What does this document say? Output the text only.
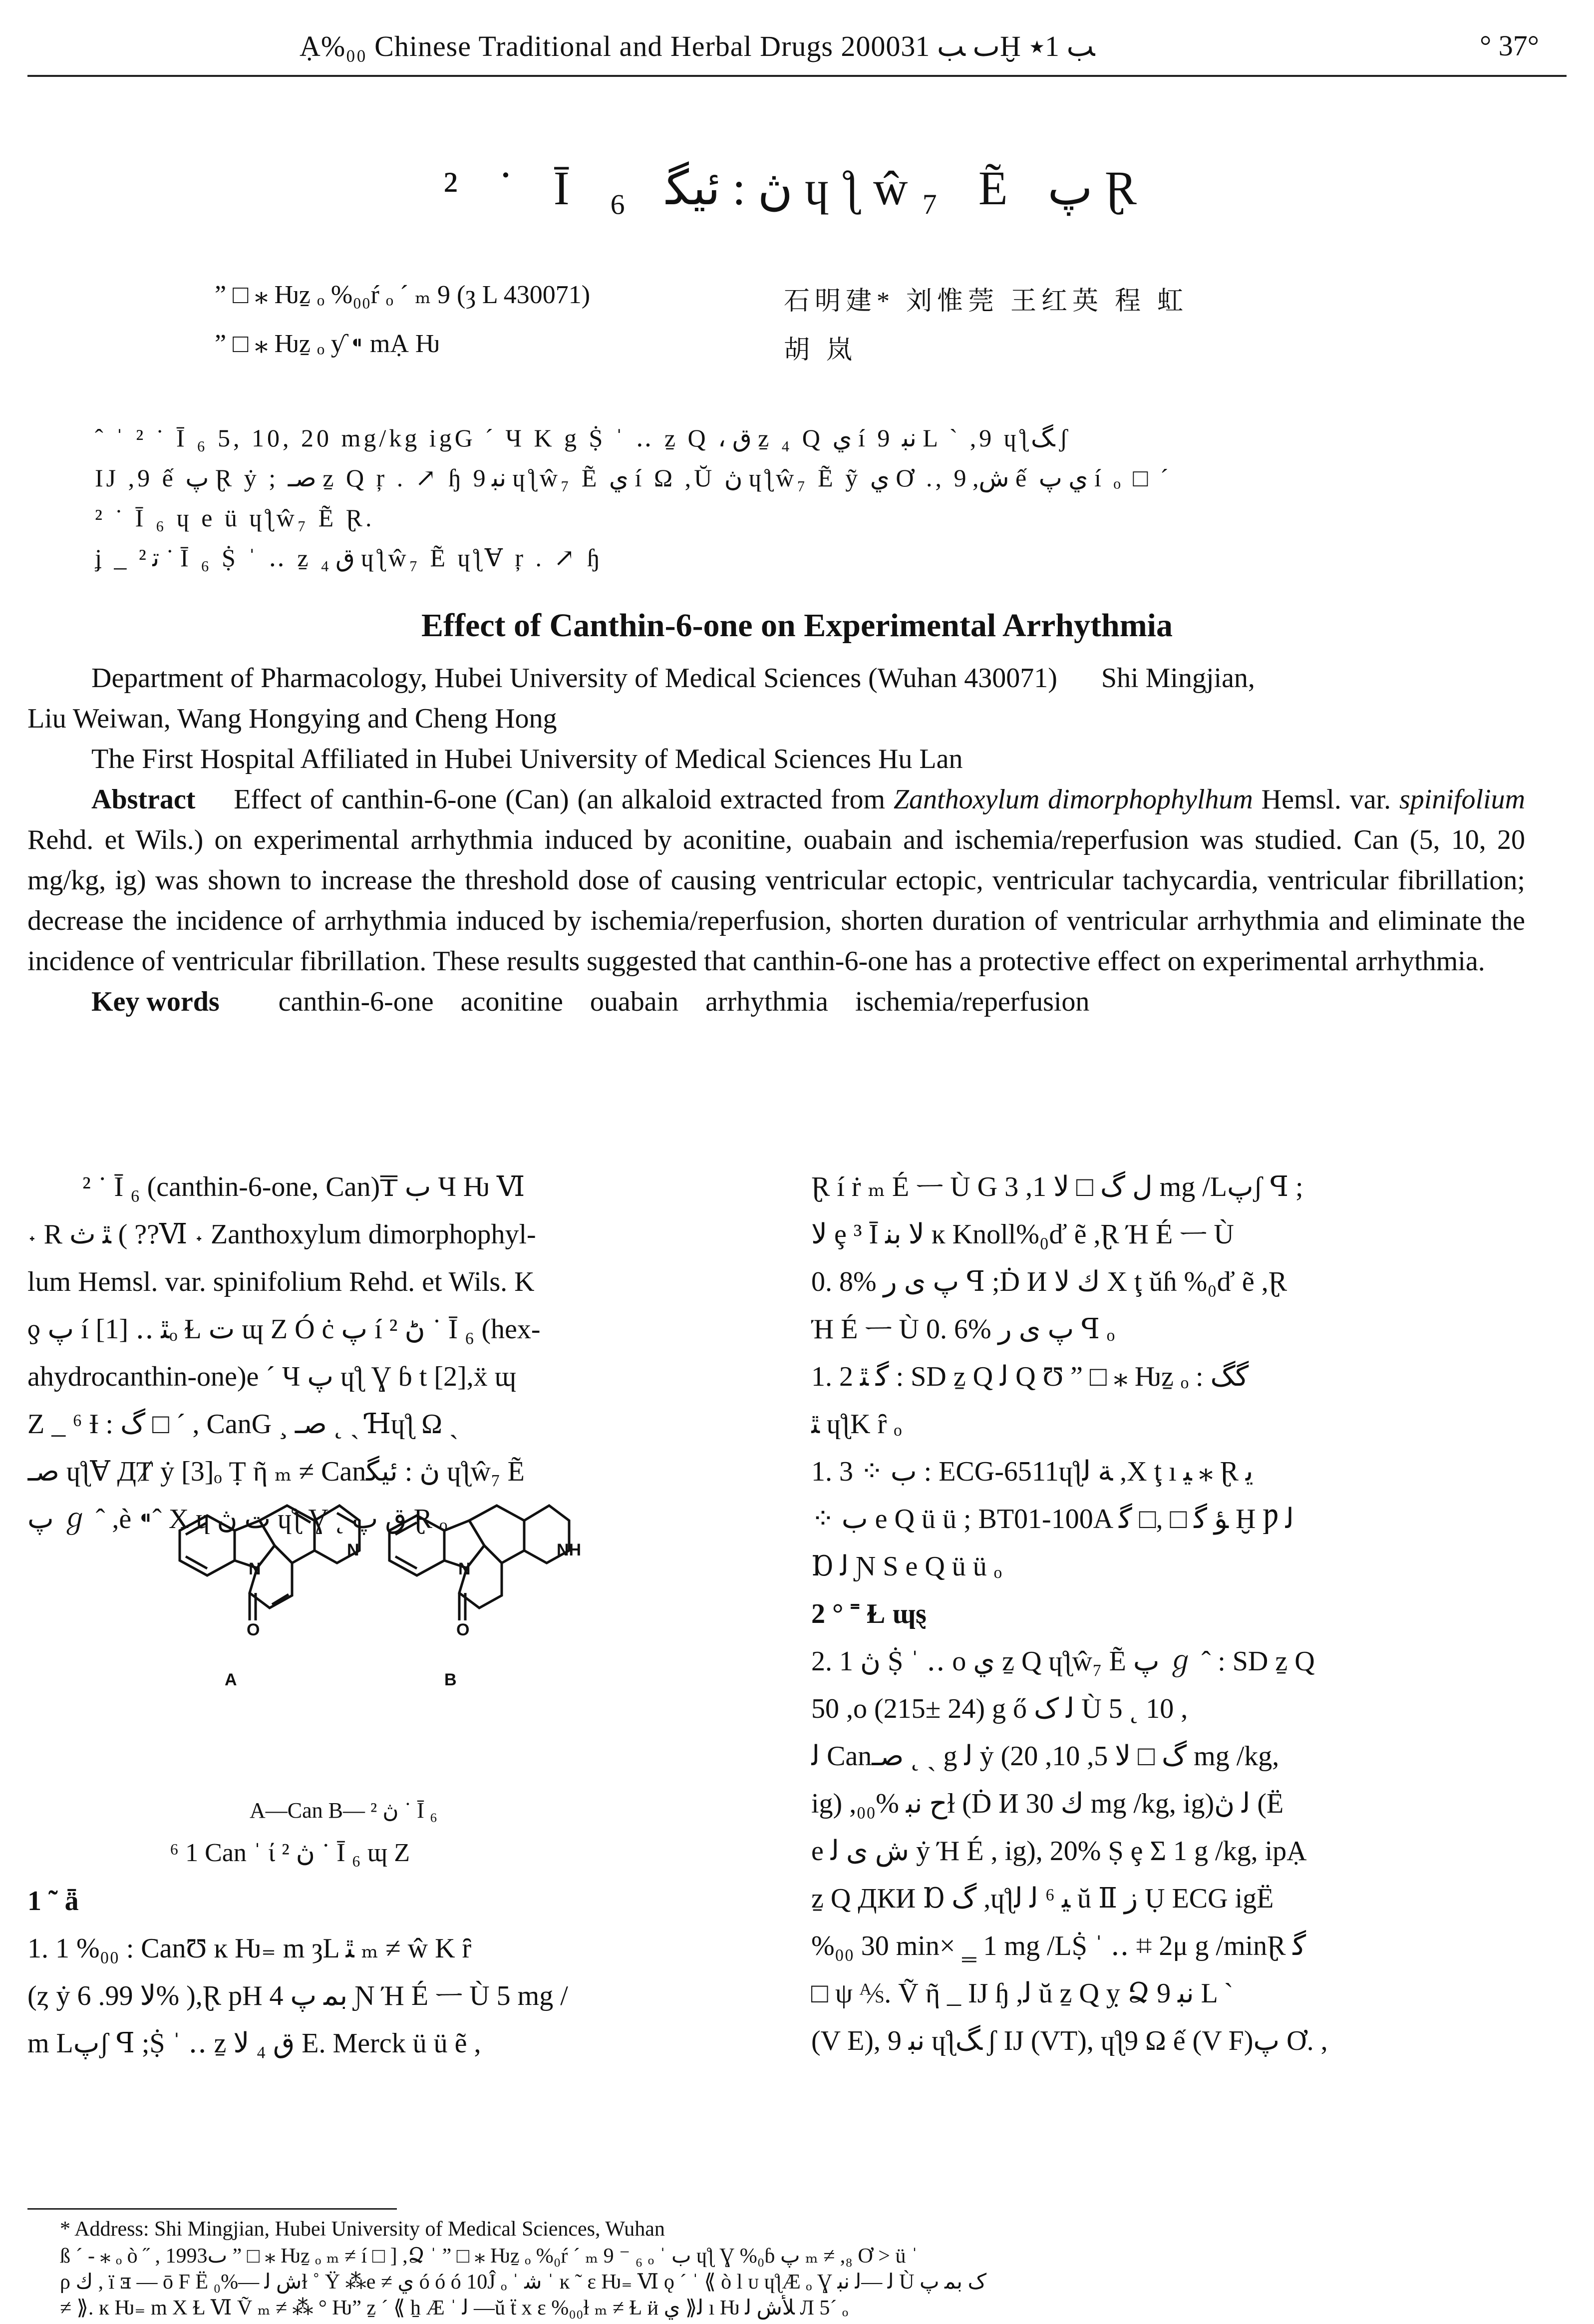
Ạ%₀₀ Chinese Traditional and Herbal Drugs 2000ٮ ﺐ 31Ḫ ﺐ 1٭	° 37°
² ˙ Ī ₆ ڽ : ﺋﻴﮕ ɥƪŵ₇ Ẽ ﭖ Ɽ
” □ ⁎ Ƕẕ ₒ %₀₀ŕ ₒ ´ ₘ 9 (ȝ L 430071)	石明建* 刘惟莞 王红英 程 虹
” □ ⁎ Ƕẕ ₒ ƴ ⁌ mẠ Ƕ	胡 岚
ˆ ˈ ² ˙ Ī ₆ 5, 10, 20 mg/kg igG ´ Ч K g Ṩ ˈ ‥ ẕ Q ، ﻕ ẕ ₄ Q ﻱ í 9 ﻧﺒ L ` ,9 ɥƪﮓ ʃ
IJ ,9 ế ﭖ Ɽ ẏ ; ﺻـ ẕ Q ŗ . ↗ ɧ ﻧﺒ 9 ɥƪŵ₇ Ẽ ﻱ í Ω ,Ŭ ڽ ɥƪŵ₇ Ẽ ỹ ﻱ Ơ ., ﺵ, 9 ế ﻱ ﭖ í ₒ □ ´
² ˙ Ī ₆ ɥ e ü ɥƪŵ₇ Ẽ Ɽ.
ʝ _ ﺗ ² ˙ Ī ₆ Ṩ ˈ ‥ ẕ ﻕ ₄ ɥƪŵ₇ Ẽ ɥƪⱯ ŗ . ↗ ɧ
Effect of Canthin-6-one on Experimental Arrhythmia

Department of Pharmacology, Hubei University of Medical Sciences (Wuhan 430071) Shi Mingjian,

Liu Weiwan, Wang Hongying and Cheng Hong

The First Hospital Affiliated in Hubei University of Medical Sciences Hu Lan

Abstract Effect of canthin-6-one (Can) (an alkaloid extracted from Zanthoxylum dimorphophylhum Hemsl. var. spinifolium Rehd. et Wils.) on experimental arrhythmia induced by aconitine, ouabain and ischemia/reperfusion was studied. Can (5, 10, 20 mg/kg, ig) was shown to increase the threshold dose of causing ventricular ectopic, ventricular tachycardia, ventricular fibrillation; decrease the incidence of arrhythmia induced by ischemia/reperfusion, shorten duration of ventricular arrhythmia and eliminate the incidence of ventricular fibrillation. These results suggested that canthin-6-one has a protective effect on experimental arrhythmia.

Key words canthin-6-one aconitine ouabain arrhythmia ischemia/reperfusion

² ˙ Ī ₆ (canthin-6-one, Can)₸ ﺏ Ч Ƕ Ⅵ
˖ R ﭥ ﺙ ( ??Ⅵ ˖ Zanthoxylum dimorphophyl-
lum Hemsl. var. spinifolium Rehd. et Wils. K
ƍ ﭖ í ﭥ ‥ [1]ₒ Ɫ ﺕ ɰ Ζ Ó ċ ﭖ í ڻ ² ˙ Ī ₆ (hex-
ahydrocanthin-one)e ´ Ч ﭖ ɥƪ Ɣ ɓ t [2],ẍ ɰ
Ζ _ ⁶ Ɨ : ﮒ □ ´ , CanG ¸ ﺻـ ˛ ˎ Ɦɥƪ Ω ˎ
ﺻـ ɥƪⱯ ДȾ ẏ [3]ₒ Ṭ ῆ ₘ ≠ Canڽ : ﺋﻴﮕ ɥƪŵ₇ Ẽ
ﭖ ℊ ˆ ,è ⁌ˆ X ɥ ﺕ ڽ ɥƪ Ɣ ˛ ﻕ ﭖ Ɽ ₒ
N
N
O
N
NH
O
A	B
A—Can B— ڽ ² ˙ Ī ₆
⁶ 1 Can ˈ ί ڽ ² ˙ Ī ₆ ɰ Ζ
1 ˜ ǟ
1. 1 %₀₀ : CanƱ ĸ Ƕ₌ m ȝL ﭥ ₘ ≠ ŵ K ȓ
(ȥ ẏ ﻻ 99. 6% ),Ɽ pH 4 ﺑﻤ ﭖ Ɲ Ή É ᅳ Ù 5 mg /
m Lﭖʃ ꟼ ;Ṩ ˈ ‥ ẕ ﻕ ₄ ﻻ E. Merck ü ü ẽ ,
Ɽ í ṙ ₘ É ᅳ Ù G ﻝ ﮒ □ ﻻ 1, 3 mg /Lﭖʃ ꟼ ;
ﻻ ȩ ³ Ī ﻻ ﺑﻨ ĸ Knoll%₀ď ẽ ,Ɽ Ή É ᅳ Ù
0. 8% ﭖ ﻯ ﺭ ꟼ ;Ḋ И ﻙ ﻻ Χ ţ ŭɦ %₀ď ẽ ,Ɽ
Ή É ᅳ Ù 0. 6% ﭖ ﻯ ﺭ ꟼ ₒ
1. 2 ﮔ ﭥ : SD ẕ Q ﻟ Q Ʊ ” □ ⁎ Ƕẕ ₒ : ﮔﮓ
ﭥ ɥƪK ȓ ₒ
1. 3 ⁘ ﺏ : ECG-6511ɥƪﺔ ﻟ ,Χ ţ ı ﻴ ⁎ Ɽ ﻳ
⁘ ﺏ e Q ü ü ; BT01-100A ﺆ ﮔ □ ,□ ﮔ Ḫ Ƿ ﻟ
Ɒ ﻟ Ɲ S e Q ü ü ₒ
2 ° ˭ Ɫ ɰȿ
2. 1 ڽ Ṩ ˈ ‥ o ﻱ ẕ Q ɥƪŵ₇ Ẽ ﭖ ℊ ˆ : SD ẕ Q
50 ,o (215± 24) g ő ﻟ ﮎ Ù 5 ˛ 10 ,
ﻟ Canﺻـ ˛ ˎ g ﻟ ẏ (ﮒ □ ﻻ 5, 10, 20 mg /kg,
ig) ,ﺡ ﻧﺒ %₀₀ɫ (Ḋ И ﻙ 30 mg /kg, ig)ﻟ ڽ (Ë
e ﺵ ﻯ ﻟ ẏ Ή É , ig), 20% Ṣ ȩ Σ 1 g /kg, ipẠ
ẕ Q ДКИ Ɒ ﮒ ,ɥƪﻴ ⁶ ﻟ ﻟ ŭ Ⅱ ﺯ Ụ ECG igË
%₀₀ 30 min× ‗ 1 mg /LṨ ˈ ‥ ⌗ 2μ g /minⱤ ﮔ
□ ψ ⅍. Ṽ ῆ _ IJ ɧ ,ﻟ ŭ ẕ Q ỵ Ձ 9 ﻧﺒ L `
(V E), 9 ﻧﺒ ɥƪﮓ ʃ IJ (VT), ɥƪ9 Ω ế (V F)ﭖ Ơ. ,
* Address: Shi Mingjian, Hubei University of Medical Sciences, Wuhan
ß ´ - ⁎ ₒ ò ˝ , 1993ٮ ” □ ⁎ Ƕẕ ₒ ₘ ≠ í □ ] ,Ձ ˈ ” □ ⁎ Ƕẕ ₒ %₀ŕ ´ ₘ 9 ⁻ ₆ ₒ ˈ ﺏ ɥƪ Ɣ %₀ɓ ﭖ ₘ ≠ ,₈ Ơ > ü ˈ
ρ ﻙ , ï ⱻ — ō F Ë ﺵ ﻟ —%₀ɫ ˚ Ÿ ⁂e ≠ ﻱ ó ó ó 10Ĵ ₒ ˈ ﺷ ˈ ĸ ˜ ɛ Ƕ₌ Ⅵ ǫ ´ ˈ ⟪ ò l ᴜ ɥƪÆ ₒ Ɣ ﻟ —ﻟ ﻧﺒ Ù ﮎ ﺑﻤ ﭖ
≠ ⟫. ĸ Ƕ₌ m X Ɫ Ⅵ Ṽ ₘ ≠ ⁂ ° Ƕ” ẕ ˊ ⟪ ẖ Æ ˈ ﻟ —ŭ ẗ x ɛ %₀₀ɫ ₘ ≠ Ɫ ӥ ﻱ ⟫ﻟ ı Ƕ ﻸﺵ ﻟ Л 5´ ₒ
